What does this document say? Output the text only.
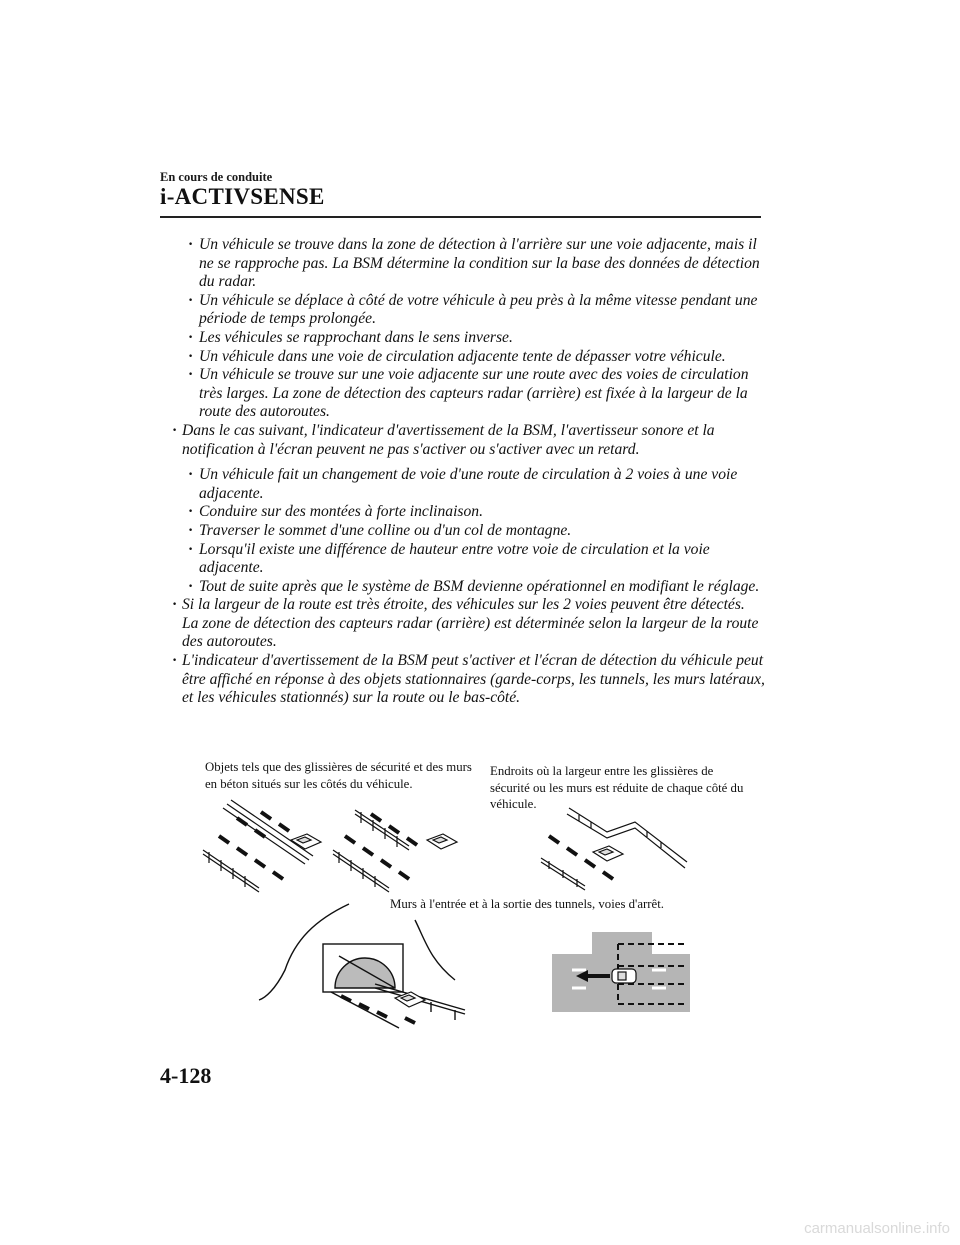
En cours de conduite
i-ACTIVSENSE
· Un véhicule se trouve dans la zone de détection à l'arrière sur une voie adjacente, mais il ne se rapproche pas. La BSM détermine la condition sur la base des données de détection du radar.
· Un véhicule se déplace à côté de votre véhicule à peu près à la même vitesse pendant une période de temps prolongée.
· Les véhicules se rapprochant dans le sens inverse.
· Un véhicule dans une voie de circulation adjacente tente de dépasser votre véhicule.
· Un véhicule se trouve sur une voie adjacente sur une route avec des voies de circulation très larges. La zone de détection des capteurs radar (arrière) est fixée à la largeur de la route des autoroutes.
· Dans le cas suivant, l'indicateur d'avertissement de la BSM, l'avertisseur sonore et la notification à l'écran peuvent ne pas s'activer ou s'activer avec un retard.
· Un véhicule fait un changement de voie d'une route de circulation à 2 voies à une voie adjacente.
· Conduire sur des montées à forte inclinaison.
· Traverser le sommet d'une colline ou d'un col de montagne.
· Lorsqu'il existe une différence de hauteur entre votre voie de circulation et la voie adjacente.
· Tout de suite après que le système de BSM devienne opérationnel en modifiant le réglage.
· Si la largeur de la route est très étroite, des véhicules sur les 2 voies peuvent être détectés. La zone de détection des capteurs radar (arrière) est déterminée selon la largeur de la route des autoroutes.
· L'indicateur d'avertissement de la BSM peut s'activer et l'écran de détection du véhicule peut être affiché en réponse à des objets stationnaires (garde-corps, les tunnels, les murs latéraux, et les véhicules stationnés) sur la route ou le bas-côté.
Objets tels que des glissières de sécurité et des murs en béton situés sur les côtés du véhicule.
Endroits où la largeur entre les glissières de sécurité ou les murs est réduite de chaque côté du véhicule.
Murs à l'entrée et à la sortie des tunnels, voies d'arrêt.
4-128
carmanualsonline.info
